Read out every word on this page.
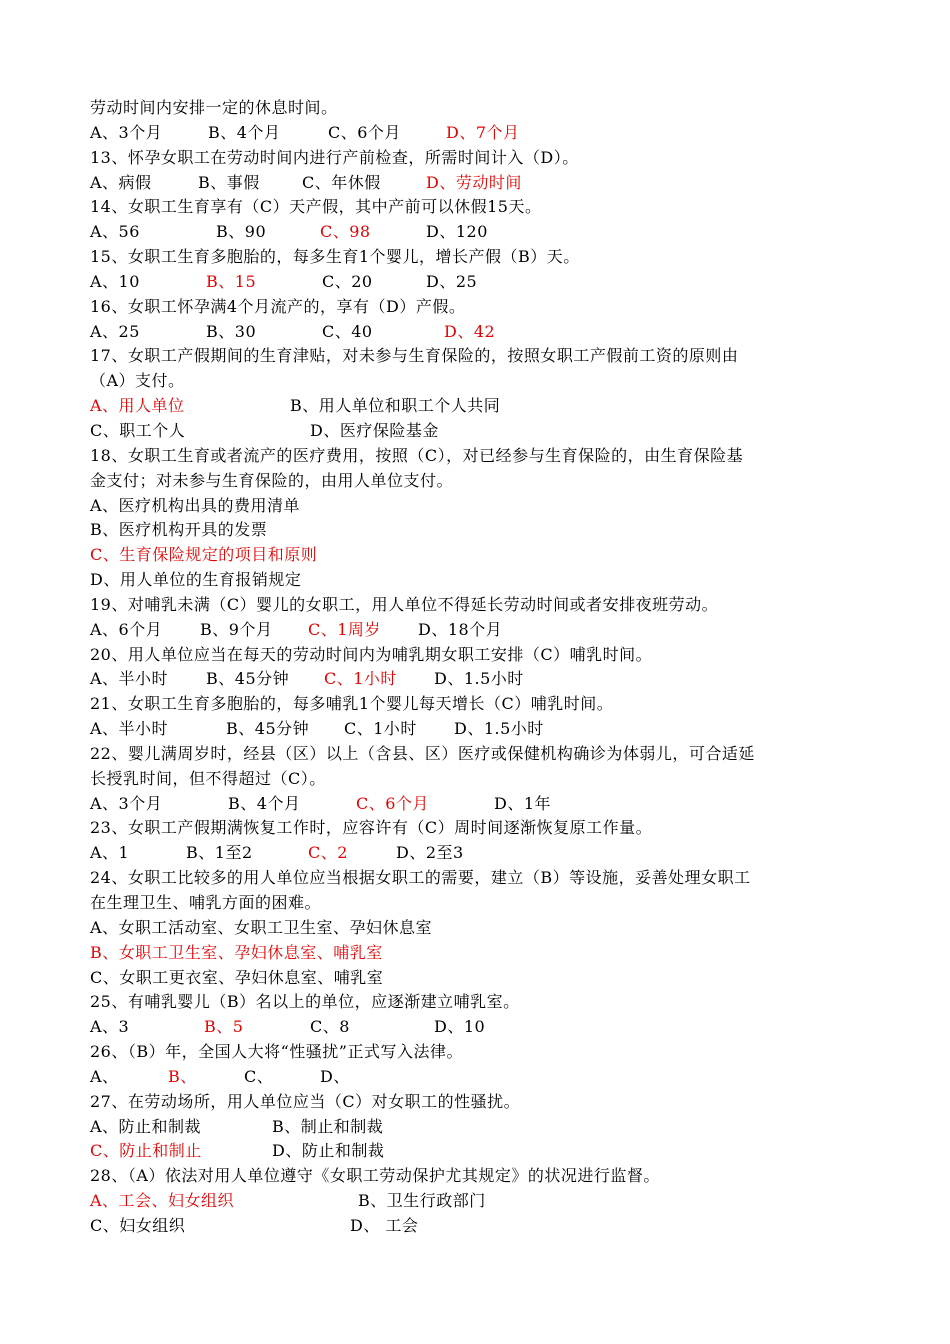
劳动时间内安排一定的休息时间。
A、3个月	B、4个月	C、6个月	D、7个月
13、怀孕女职工在劳动时间内进行产前检查，所需时间计入（D）。
A、病假	B、事假	C、年休假	D、劳动时间
14、女职工生育享有（C）天产假，其中产前可以休假15天。
A、56	B、90	C、98	D、120
15、女职工生育多胞胎的，每多生育1个婴儿，增长产假（B）天。
A、10	B、15	C、20	D、25
16、女职工怀孕满4个月流产的，享有（D）产假。
A、25	B、30	C、40	D、42
17、女职工产假期间的生育津贴，对未参与生育保险的，按照女职工产假前工资的原则由
（A）支付。
A、用人单位	B、用人单位和职工个人共同
C、职工个人	D、医疗保险基金
18、女职工生育或者流产的医疗费用，按照（C），对已经参与生育保险的，由生育保险基
金支付；对未参与生育保险的，由用人单位支付。
A、医疗机构出具的费用清单
B、医疗机构开具的发票
C、生育保险规定的项目和原则
D、用人单位的生育报销规定
19、对哺乳未满（C）婴儿的女职工，用人单位不得延长劳动时间或者安排夜班劳动。
A、6个月 B、9个月 C、1周岁 D、18个月
20、用人单位应当在每天的劳动时间内为哺乳期女职工安排（C）哺乳时间。
A、半小时 B、45分钟 C、1小时 D、1.5小时
21、女职工生育多胞胎的，每多哺乳1个婴儿每天增长（C）哺乳时间。
A、半小时	B、45分钟 C、1小时 D、1.5小时
22、婴儿满周岁时，经县（区）以上（含县、区）医疗或保健机构确诊为体弱儿，可合适延
长授乳时间，但不得超过（C）。
A、3个月	B、4个月	C、6个月	D、1年
23、女职工产假期满恢复工作时，应容许有（C）周时间逐渐恢复原工作量。
A、1	B、1至2	C、2	D、2至3
24、女职工比较多的用人单位应当根据女职工的需要，建立（B）等设施，妥善处理女职工
在生理卫生、哺乳方面的困难。
A、女职工活动室、女职工卫生室、孕妇休息室
B、女职工卫生室、孕妇休息室、哺乳室
C、女职工更衣室、孕妇休息室、哺乳室
25、有哺乳婴儿（B）名以上的单位，应逐渐建立哺乳室。
A、3	B、5	C、8	D、10
26、（B）年，全国人大将“性骚扰”正式写入法律。
A、	B、	C、	D、
27、在劳动场所，用人单位应当（C）对女职工的性骚扰。
A、防止和制裁	B、制止和制裁
C、防止和制止	D、防止和制裁
28、（A）依法对用人单位遵守《女职工劳动保护尤其规定》的状况进行监督。
A、工会、妇女组织	B、卫生行政部门
C、妇女组织	D、 工会
